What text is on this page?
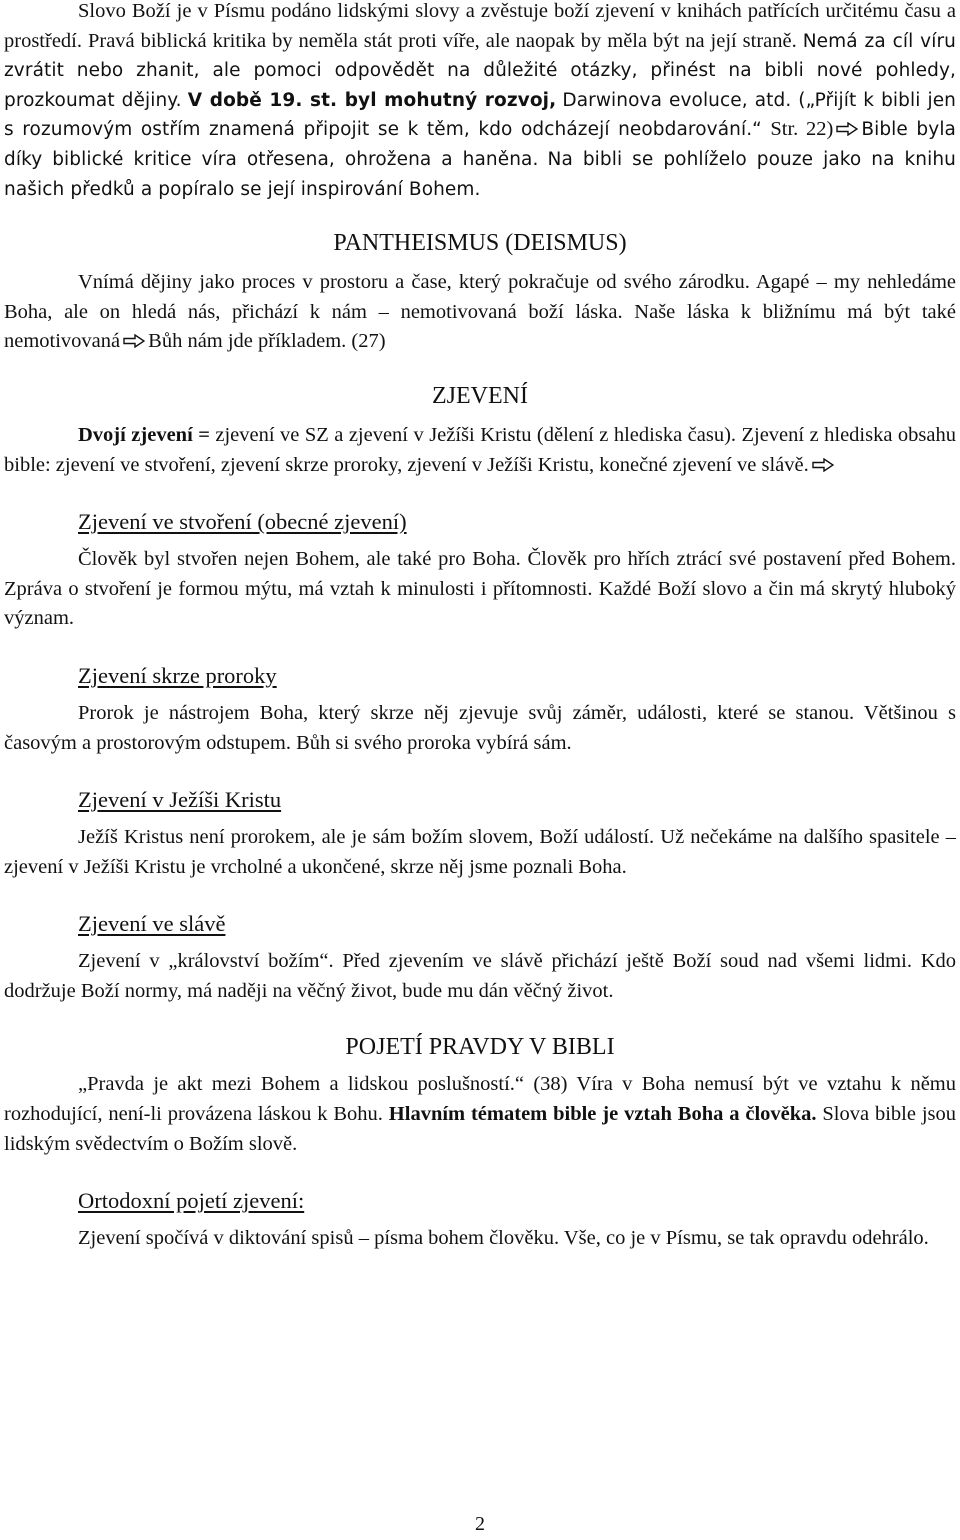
Slovo Boží je v Písmu podáno lidskými slovy a zvěstuje boží zjevení v knihách patřících určitému času a prostředí. Pravá biblická kritika by neměla stát proti víře, ale naopak by měla být na její straně. Nemá za cíl víru zvrátit nebo zhanit, ale pomoci odpovědět na důležité otázky, přinést na bibli nové pohledy, prozkoumat dějiny. V době 19. st. byl mohutný rozvoj, Darwinova evoluce, atd. („Přijít k bibli jen s rozumovým ostřím znamená připojit se k těm, kdo odcházejí neobdarování.“ Str. 22) Bible byla díky biblické kritice víra otřesena, ohrožena a haněna. Na bibli se pohlíželo pouze jako na knihu našich předků a popíralo se její inspirování Bohem.

PANTHEISMUS (DEISMUS)

Vnímá dějiny jako proces v prostoru a čase, který pokračuje od svého zárodku. Agapé – my nehledáme Boha, ale on hledá nás, přichází k nám – nemotivovaná boží láska. Naše láska k bližnímu má být také nemotivovaná Bůh nám jde příkladem. (27)

ZJEVENÍ

Dvojí zjevení = zjevení ve SZ a zjevení v Ježíši Kristu (dělení z hlediska času). Zjevení z hlediska obsahu bible: zjevení ve stvoření, zjevení skrze proroky, zjevení v Ježíši Kristu, konečné zjevení ve slávě.

Zjevení ve stvoření (obecné zjevení)

Člověk byl stvořen nejen Bohem, ale také pro Boha. Člověk pro hřích ztrácí své postavení před Bohem. Zpráva o stvoření je formou mýtu, má vztah k minulosti i přítomnosti. Každé Boží slovo a čin má skrytý hluboký význam.

Zjevení skrze proroky

Prorok je nástrojem Boha, který skrze něj zjevuje svůj záměr, události, které se stanou. Většinou s časovým a prostorovým odstupem. Bůh si svého proroka vybírá sám.

Zjevení v Ježíši Kristu

Ježíš Kristus není prorokem, ale je sám božím slovem, Boží událostí. Už nečekáme na dalšího spasitele – zjevení v Ježíši Kristu je vrcholné a ukončené, skrze něj jsme poznali Boha.

Zjevení ve slávě

Zjevení v „království božím“. Před zjevením ve slávě přichází ještě Boží soud nad všemi lidmi. Kdo dodržuje Boží normy, má naději na věčný život, bude mu dán věčný život.

POJETÍ PRAVDY V BIBLI

„Pravda je akt mezi Bohem a lidskou poslušností.“ (38) Víra v Boha nemusí být ve vztahu k němu rozhodující, není-li provázena láskou k Bohu. Hlavním tématem bible je vztah Boha a člověka. Slova bible jsou lidským svědectvím o Božím slově.

Ortodoxní pojetí zjevení:

Zjevení spočívá v diktování spisů – písma bohem člověku. Vše, co je v Písmu, se tak opravdu odehrálo.

2
